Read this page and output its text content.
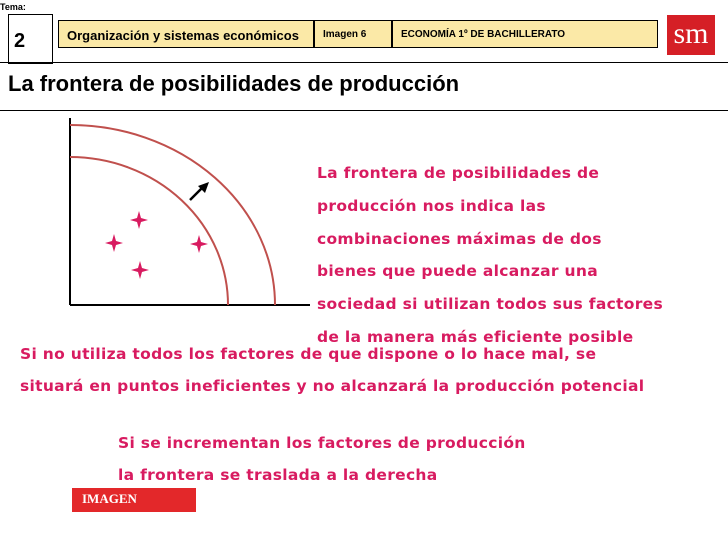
Tema:
2	Organización y sistemas económicos Imagen 6	ECONOMÍA 1º DE BACHILLERATO	sm
La frontera de posibilidades de producción
La frontera de posibilidades de
producción nos indica las
combinaciones máximas de dos
bienes que puede alcanzar una
sociedad si utilizan todos sus factores
de la manera más eficiente posible
Si no utiliza todos los factores de que dispone o lo hace mal, se
situará en puntos ineficientes y no alcanzará la producción potencial
Si se incrementan los factores de producción
la frontera se traslada a la derecha
IMAGEN
